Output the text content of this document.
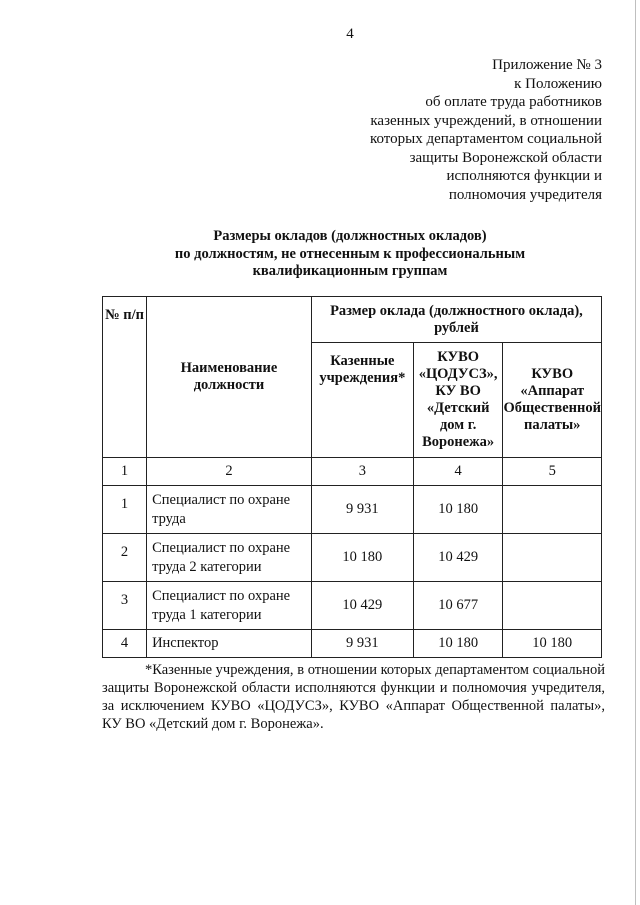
4
Приложение № 3
к Положению
об оплате труда работников
казенных учреждений, в отношении
которых департаментом социальной
защиты Воронежской области
исполняются функции и
полномочия учредителя
Размеры окладов (должностных окладов)
по должностям, не отнесенным к профессиональным
квалификационным группам
№ п/п	Наименование должности	Размер оклада (должностного оклада), рублей		
		Казенные учреждения*	КУВО «ЦОДУСЗ», КУ ВО «Детский дом г. Воронежа»	КУВО «Аппарат Общественной палаты»
1	2	3	4	5
1	Специалист по охране труда	9 931	10 180	
2	Специалист по охране труда 2 категории	10 180	10 429	
3	Специалист по охране труда 1 категории	10 429	10 677	
4	Инспектор	9 931	10 180	10 180
*Казенные учреждения, в отношении которых департаментом социальной защиты Воронежской области исполняются функции и полномочия учредителя, за исключением КУВО «ЦОДУСЗ», КУВО «Аппарат Общественной палаты», КУ ВО «Детский дом г. Воронежа».
